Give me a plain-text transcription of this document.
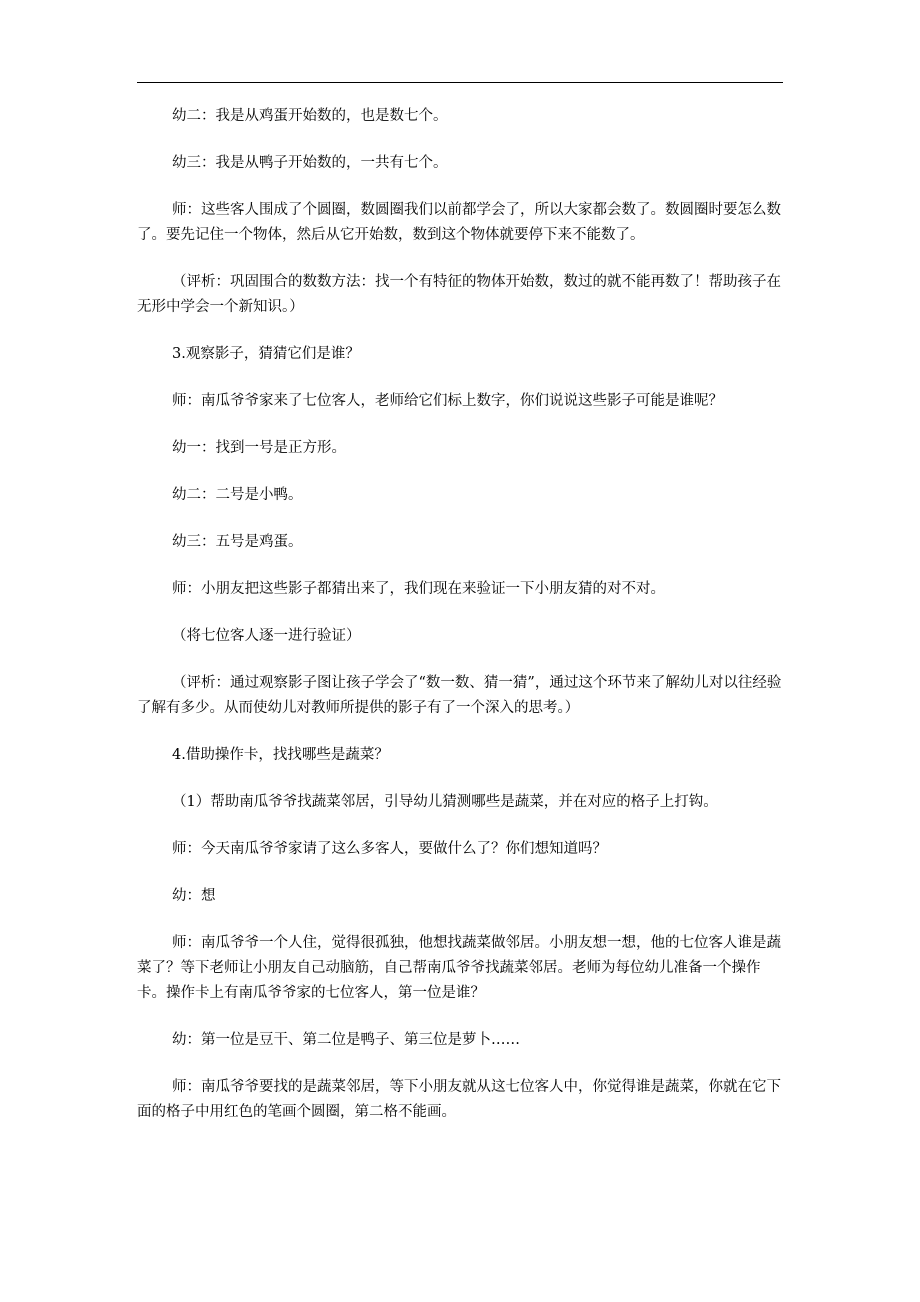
幼二：我是从鸡蛋开始数的，也是数七个。

幼三：我是从鸭子开始数的，一共有七个。

师：这些客人围成了个圆圈，数圆圈我们以前都学会了，所以大家都会数了。数圆圈时要怎么数了。要先记住一个物体，然后从它开始数，数到这个物体就要停下来不能数了。

（评析：巩固围合的数数方法：找一个有特征的物体开始数，数过的就不能再数了！帮助孩子在无形中学会一个新知识。）

3.观察影子，猜猜它们是谁？

师：南瓜爷爷家来了七位客人，老师给它们标上数字，你们说说这些影子可能是谁呢？

幼一：找到一号是正方形。

幼二：二号是小鸭。

幼三：五号是鸡蛋。

师：小朋友把这些影子都猜出来了，我们现在来验证一下小朋友猜的对不对。

（将七位客人逐一进行验证）

（评析：通过观察影子图让孩子学会了“数一数、猜一猜”，通过这个环节来了解幼儿对以往经验了解有多少。从而使幼儿对教师所提供的影子有了一个深入的思考。）

4.借助操作卡，找找哪些是蔬菜？

（1）帮助南瓜爷爷找蔬菜邻居，引导幼儿猜测哪些是蔬菜，并在对应的格子上打钩。

师：今天南瓜爷爷家请了这么多客人，要做什么了？你们想知道吗？

幼：想

师：南瓜爷爷一个人住，觉得很孤独，他想找蔬菜做邻居。小朋友想一想，他的七位客人谁是蔬菜了？等下老师让小朋友自己动脑筋，自己帮南瓜爷爷找蔬菜邻居。老师为每位幼儿准备一个操作卡。操作卡上有南瓜爷爷家的七位客人，第一位是谁？

幼：第一位是豆干、第二位是鸭子、第三位是萝卜……

师：南瓜爷爷要找的是蔬菜邻居，等下小朋友就从这七位客人中，你觉得谁是蔬菜，你就在它下面的格子中用红色的笔画个圆圈，第二格不能画。
